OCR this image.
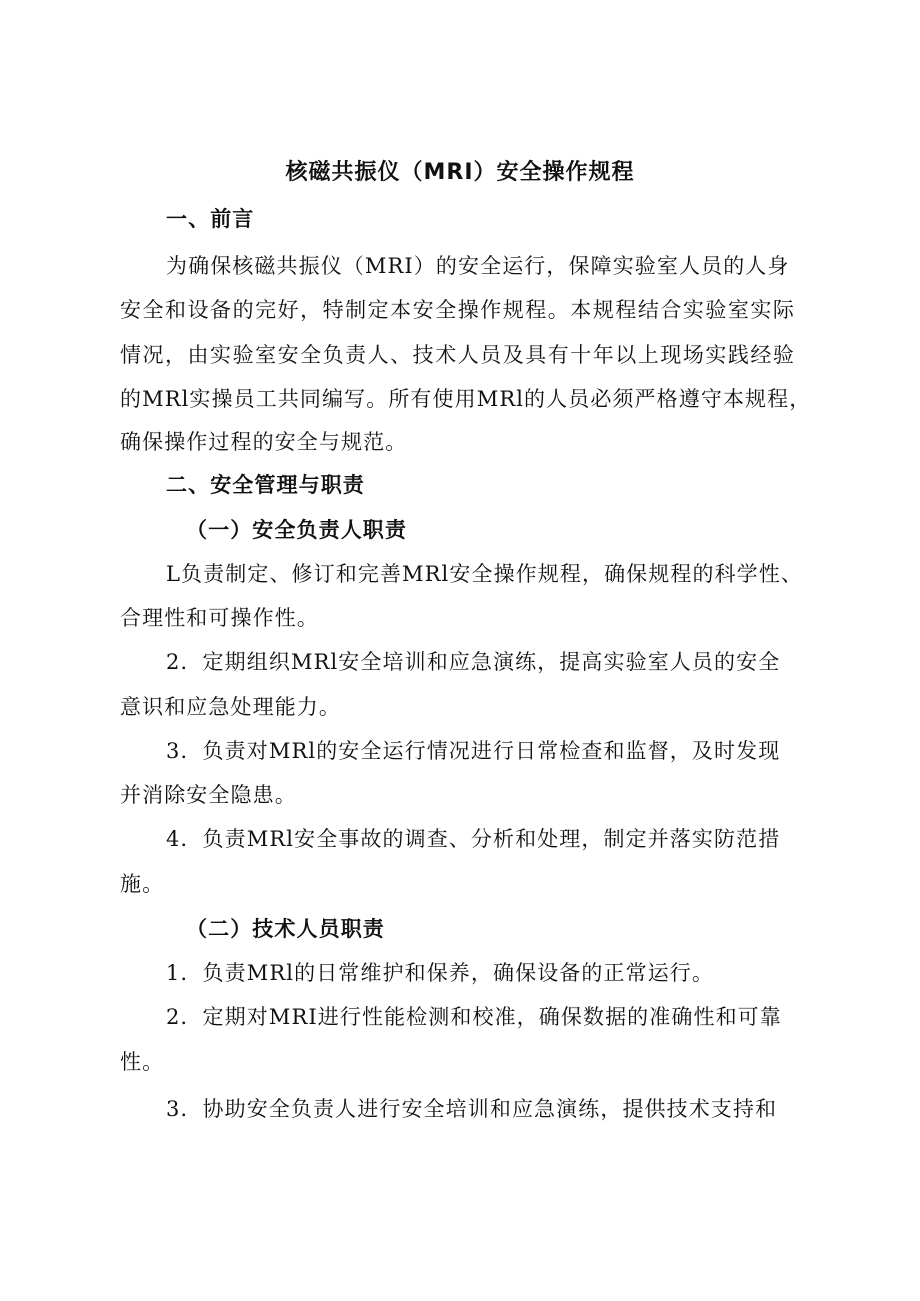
核磁共振仪（MRI）安全操作规程

一、前言

为确保核磁共振仪（MRI）的安全运行，保障实验室人员的人身

安全和设备的完好，特制定本安全操作规程。本规程结合实验室实际

情况，由实验室安全负责人、技术人员及具有十年以上现场实践经验

的MRl实操员工共同编写。所有使用MRl的人员必须严格遵守本规程，

确保操作过程的安全与规范。

二、安全管理与职责

（一）安全负责人职责

L负责制定、修订和完善MRl安全操作规程，确保规程的科学性、

合理性和可操作性。

2．定期组织MRl安全培训和应急演练，提高实验室人员的安全

意识和应急处理能力。

3．负责对MRl的安全运行情况进行日常检查和监督，及时发现

并消除安全隐患。

4．负责MRl安全事故的调查、分析和处理，制定并落实防范措

施。

（二）技术人员职责

1．负责MRl的日常维护和保养，确保设备的正常运行。

2．定期对MRI进行性能检测和校准，确保数据的准确性和可靠

性。

3．协助安全负责人进行安全培训和应急演练，提供技术支持和
